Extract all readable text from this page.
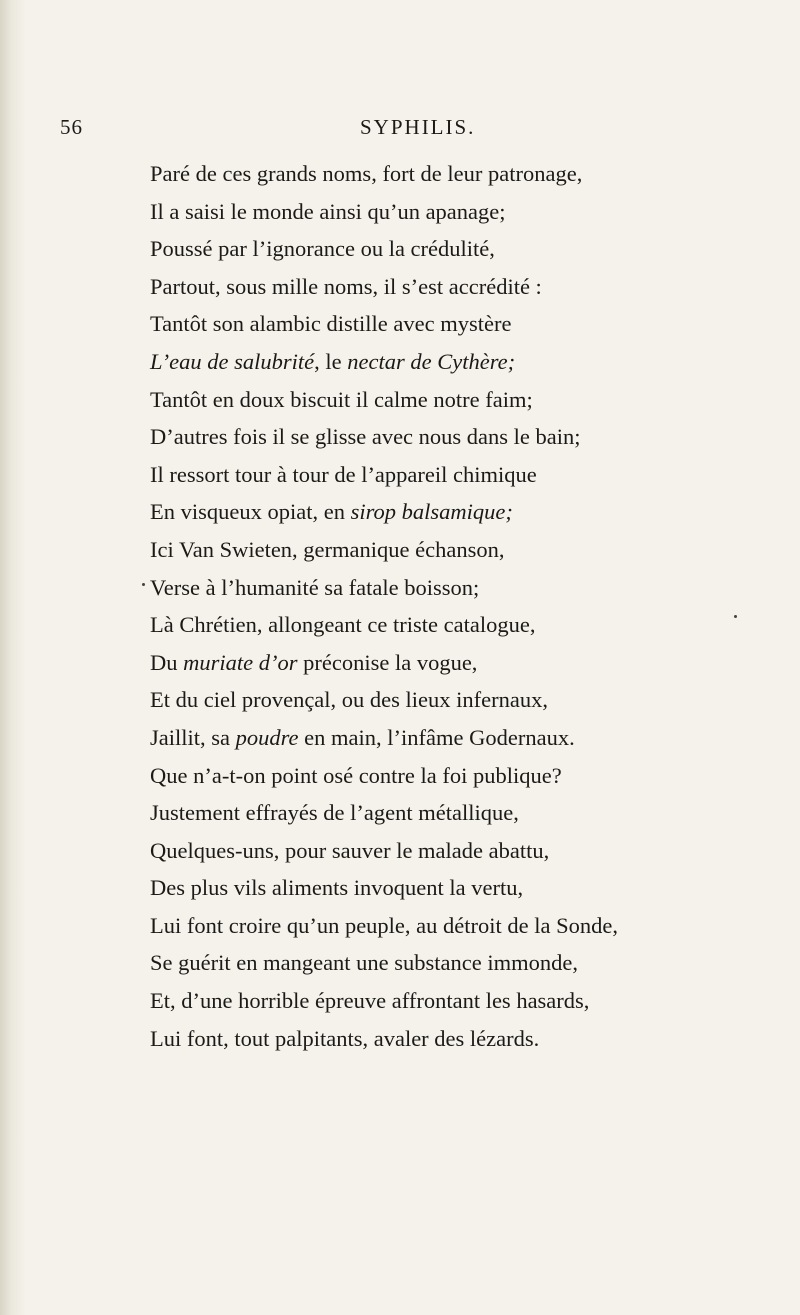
56	SYPHILIS.
Paré de ces grands noms, fort de leur patronage,
Il a saisi le monde ainsi qu’un apanage;
Poussé par l’ignorance ou la crédulité,
Partout, sous mille noms, il s’est accrédité :
Tantôt son alambic distille avec mystère
L’eau de salubrité, le nectar de Cythère;
Tantôt en doux biscuit il calme notre faim;
D’autres fois il se glisse avec nous dans le bain;
Il ressort tour à tour de l’appareil chimique
En visqueux opiat, en sirop balsamique;
Ici Van Swieten, germanique échanson,
Verse à l’humanité sa fatale boisson;
Là Chrétien, allongeant ce triste catalogue,
Du muriate d’or préconise la vogue,
Et du ciel provençal, ou des lieux infernaux,
Jaillit, sa poudre en main, l’infâme Godernaux.
Que n’a-t-on point osé contre la foi publique?
Justement effrayés de l’agent métallique,
Quelques-uns, pour sauver le malade abattu,
Des plus vils aliments invoquent la vertu,
Lui font croire qu’un peuple, au détroit de la Sonde,
Se guérit en mangeant une substance immonde,
Et, d’une horrible épreuve affrontant les hasards,
Lui font, tout palpitants, avaler des lézards.
